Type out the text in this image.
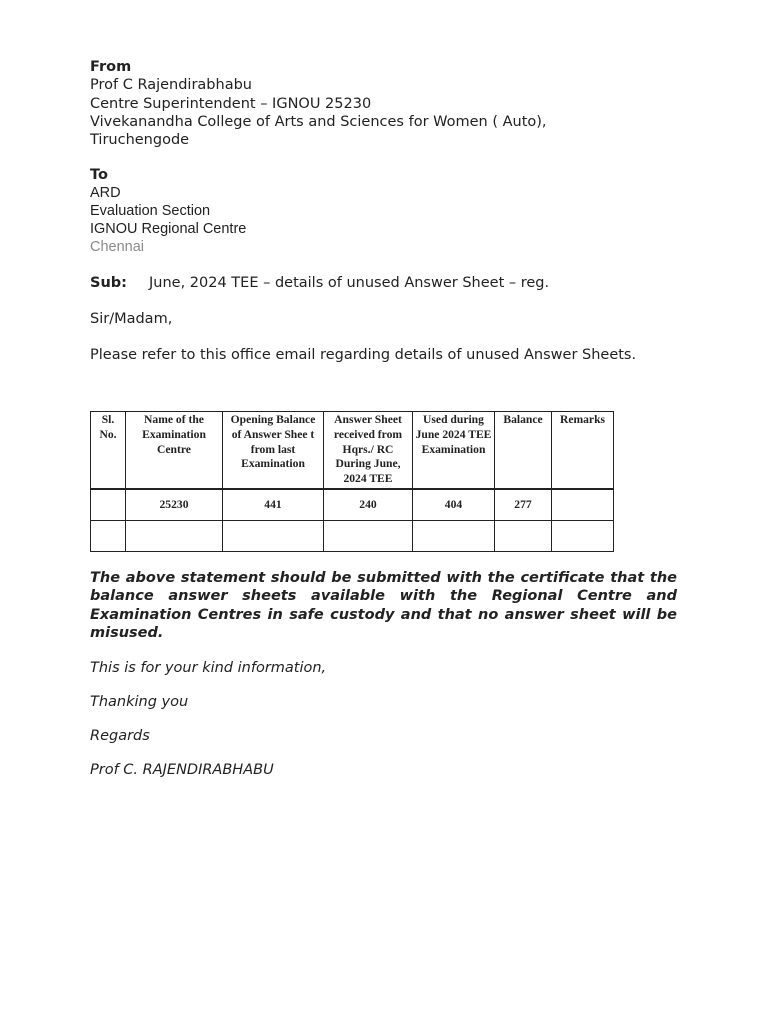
From
Prof C Rajendirabhabu
Centre Superintendent – IGNOU 25230
Vivekanandha College of Arts and Sciences for Women ( Auto),
Tiruchengode
To
ARD
Evaluation Section
IGNOU Regional Centre
Chennai
Sub: June, 2024 TEE – details of unused Answer Sheet – reg.
Sir/Madam,
Please refer to this office email regarding details of unused Answer Sheets.
Sl. No.	Name of the Examination Centre	Opening Balance of Answer Shee t from last Examination	Answer Sheet received from Hqrs./ RC During June, 2024 TEE	Used during June 2024 TEE Examination	Balance	Remarks
	25230	441	240	404	277	

The above statement should be submitted with the certificate that the balance answer sheets available with the Regional Centre and Examination Centres in safe custody and that no answer sheet will be misused.
This is for your kind information,
Thanking you
Regards
Prof C. RAJENDIRABHABU
